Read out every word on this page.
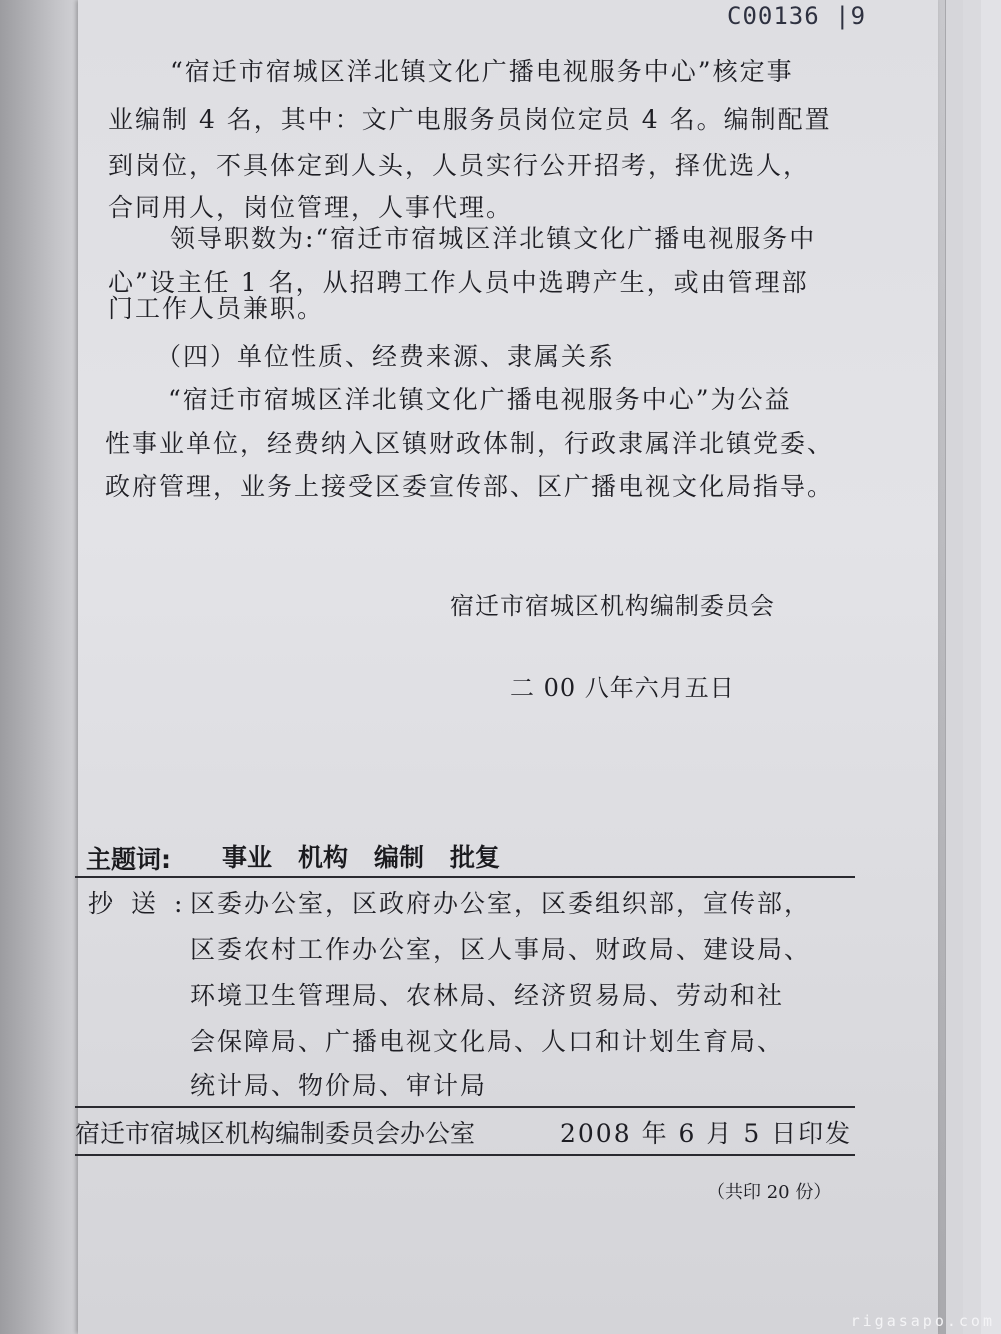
C00136 |9
“宿迁市宿城区洋北镇文化广播电视服务中心”核定事
业编制 4 名，其中：文广电服务员岗位定员 4 名。编制配置
到岗位，不具体定到人头，人员实行公开招考，择优选人，
合同用人，岗位管理，人事代理。
领导职数为:“宿迁市宿城区洋北镇文化广播电视服务中
心”设主任 1 名，从招聘工作人员中选聘产生，或由管理部
门工作人员兼职。
（四）单位性质、经费来源、隶属关系
“宿迁市宿城区洋北镇文化广播电视服务中心”为公益
性事业单位，经费纳入区镇财政体制，行政隶属洋北镇党委、
政府管理，业务上接受区委宣传部、区广播电视文化局指导。
宿迁市宿城区机构编制委员会
二 00 八年六月五日
主题词: 事业 机构 编制 批复
抄送:
区委办公室，区政府办公室，区委组织部，宣传部，
区委农村工作办公室，区人事局、财政局、建设局、
环境卫生管理局、农林局、经济贸易局、劳动和社
会保障局、广播电视文化局、人口和计划生育局、
统计局、物价局、审计局
宿迁市宿城区机构编制委员会办公室	2008 年 6 月 5 日印发
（共印 20 份）
rigasapo.com
